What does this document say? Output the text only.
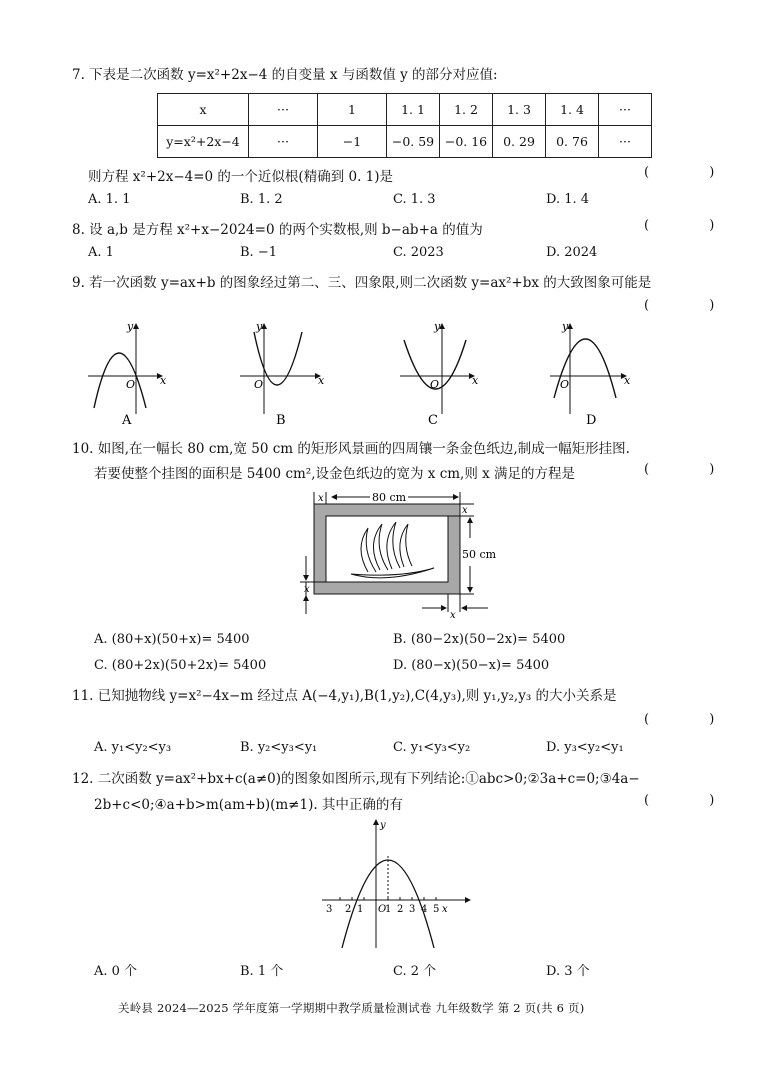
7. 下表是二次函数 y=x²+2x−4 的自变量 x 与函数值 y 的部分对应值:
x	···	1	1. 1	1. 2	1. 3	1. 4	···
y=x²+2x−4	···	−1	−0. 59	−0. 16	0. 29	0. 76	···
则方程 x²+2x−4=0 的一个近似根(精确到 0. 1)是	( )
A. 1. 1	B. 1. 2	C. 1. 3	D. 1. 4
8. 设 a,b 是方程 x²+x−2024=0 的两个实数根,则 b−ab+a 的值为	( )
A. 1	B. −1	C. 2023	D. 2024
9. 若一次函数 y=ax+b 的图象经过第二、三、四象限,则二次函数 y=ax²+bx 的大致图象可能是
( )
y
x
O
A
y
x
O
B
y
x
O
C
y
x
O
D
10. 如图,在一幅长 80 cm,宽 50 cm 的矩形风景画的四周镶一条金色纸边,制成一幅矩形挂图.
若要使整个挂图的面积是 5400 cm²,设金色纸边的宽为 x cm,则 x 满足的方程是	( )
80 cm
x
x
50 cm
x
x
A. (80+x)(50+x)= 5400	B. (80−2x)(50−2x)= 5400
C. (80+2x)(50+2x)= 5400	D. (80−x)(50−x)= 5400
11. 已知抛物线 y=x²−4x−m 经过点 A(−4,y₁),B(1,y₂),C(4,y₃),则 y₁,y₂,y₃ 的大小关系是
( )
A. y₁<y₂<y₃	B. y₂<y₃<y₁	C. y₁<y₃<y₂	D. y₃<y₂<y₁
12. 二次函数 y=ax²+bx+c(a≠0)的图象如图所示,现有下列结论:①abc>0;②3a+c=0;③4a−
2b+c<0;④a+b>m(am+b)(m≠1). 其中正确的有	( )
3 2 1 O
1 2 3 4 5 x
y
A. 0 个	B. 1 个	C. 2 个	D. 3 个
关岭县 2024—2025 学年度第一学期期中教学质量检测试卷 九年级数学 第 2 页(共 6 页)
